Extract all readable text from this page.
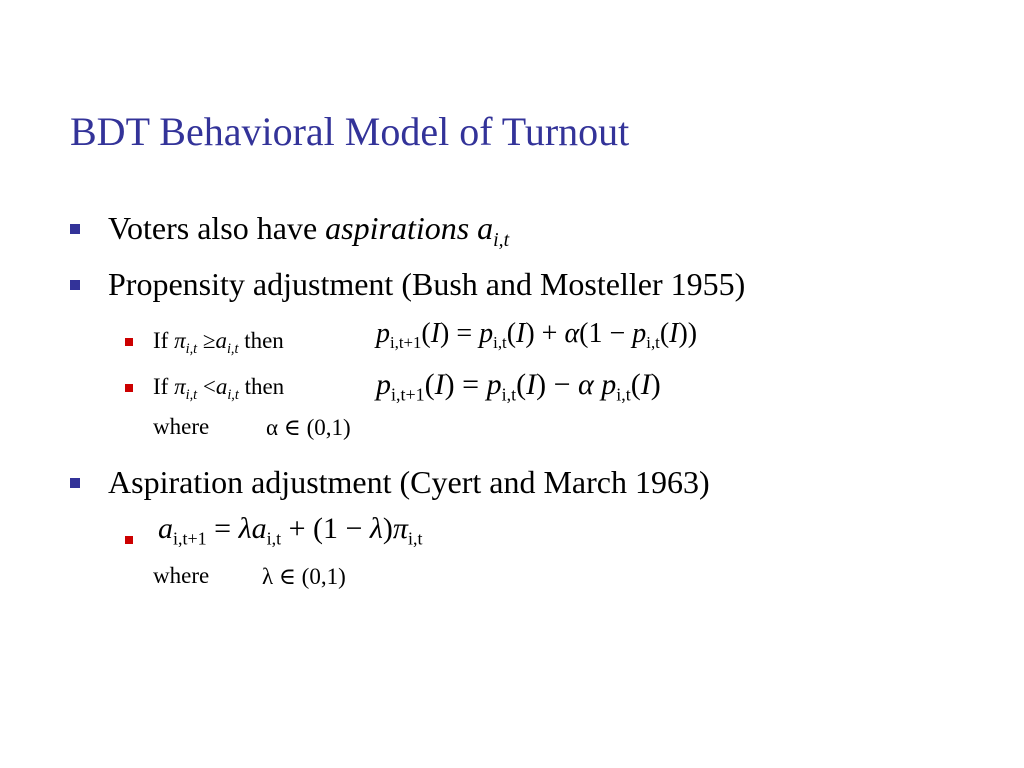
BDT Behavioral Model of Turnout
Voters also have aspirations $a_{i,t}$
Propensity adjustment (Bush and Mosteller 1955)
If $\pi_{i,t} \ge a_{i,t}$ then	$p_{i,t+1}(I) = p_{i,t}(I) + \alpha(1 - p_{i,t}(I))$
If $\pi_{i,t} <a_{i,t}$ then	$p_{i,t+1}(I) = p_{i,t}(I) - \alpha$ $p_{i,t}(I)$
where α ∈ (0,1)
Aspiration adjustment (Cyert and March 1963)
$a_{i,t+1} = \lambda a_{i,t} + (1 - \lambda)\pi_{i,t}$
where λ ∈ (0,1)
